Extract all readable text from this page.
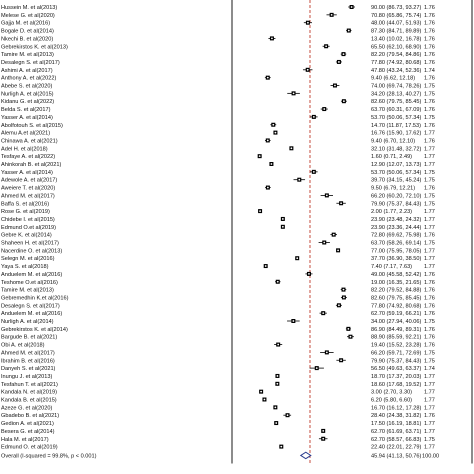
Hussein M. et al(2013)
Melese G. et al(2020)
Gajja M. et al(2016)
Bogale D. et al(2014)
Nkechi B. et al(2020)
Gebrekirstos K. et al(2013)
Tamire M. et al(2013)
Desalegn S. et al(2017)
Ashimi A. et al(2017)
Anthony A. et al(2022)
Abebe S. et al(2020)
Nurligh A. et al(2015)
Kidanu G. et al(2022)
Belda S. et al(2017)
Yasser A. et al(2014)
Abolfotouh S. et al(2015)
Alemu A.et al(2021)
Chinawa A. et al(2021)
Adel H. et al(2018)
Tesfaye A. et al(2022)
Ahinkorah B. et al(2021)
Yasser A. et al(2014)
Adewole A. et al(2017)
Aweiere T. et al(2020)
Ahmed M. et al(2017)
Baffa S. et al(2016)
Rose G. et al(2019)
Chidebe I. et al(2015)
Edmund O.et al(2019)
Gebre K. et al(2014)
Shaheen H. et al(2017)
Nacerdine O. et al(2013)
Selegn M. et al(2016)
Yaya S. et al(2018)
Anduelem M. et al(2016)
Teshome O.et al(2016)
Tamire M. et al(2013)
Gebremedhin K.et al(2016)
Desalegn S. et al(2017)
Anduelem M. et al(2016)
Nurligh A. et al(2014)
Gebrekirstos K. et al(2014)
Bargude B. et al(2021)
Obi A. et al(2018)
Ahmed M. et al(2017)
Ibrahim B. et al(2016)
Danyeh S. et al(2021)
Inungu J. et al(2013)
Tesfahun T. et al(2021)
Kandala N. et al(2019)
Kandala B. et al(2015)
Azeze G. et al(2020)
Gbadebo B. et al(2021)
Gedion A. et al(2021)
Besera G. et al(2014)
Hala M. et al(2017)
Edmund O. et al(2019)
90.00 (86.73, 93.27)
70.80 (65.86, 75.74)
48.00 (44.07, 51.93)
87.30 (84.71, 89.89)
13.40 (10.02, 16.78)
65.50 (62.10, 68.90)
82.20 (79.54, 84.86)
77.80 (74.92, 80.68)
47.80 (43.24, 52.36)
9.40 (6.62, 12.18)
74.00 (69.74, 78.26)
34.20 (28.13, 40.27)
82.60 (79.75, 85.45)
63.70 (60.31, 67.09)
53.70 (50.06, 57.34)
14.70 (11.87, 17.53)
16.76 (15.90, 17.62)
9.40 (6.70, 12.10)
32.10 (31.48, 32.72)
1.60 (0.71, 2.49)
12.90 (12.07, 13.73)
53.70 (50.06, 57.34)
39.70 (34.15, 45.24)
9.50 (6.79, 12.21)
66.20 (60.20, 72.10)
79.90 (75.37, 84.43)
2.00 (1.77, 2.23)
23.90 (23.48, 24.32)
23.90 (23.36, 24.44)
72.80 (69.62, 75.98)
63.70 (58.26, 69.14)
77.00 (75.95, 78.05)
37.70 (36.90, 38.50)
7.40 (7.17, 7.63)
49.00 (45.58, 52.42)
19.00 (16.35, 21.65)
82.20 (79.52, 84.88)
82.60 (79.75, 85.45)
77.80 (74.92, 80.68)
62.70 (59.19, 66.21)
34.00 (27.94, 40.06)
86.90 (84.49, 89.31)
88.90 (85.59, 92.21)
19.40 (15.52, 23.28)
66.20 (59.71, 72.69)
79.90 (75.37, 84.43)
56.50 (49.63, 63.37)
18.70 (17.37, 20.03)
18.60 (17.68, 19.52)
3.00 (2.70, 3.30)
6.20 (5.80, 6.60)
16.70 (16.12, 17.28)
28.40 (24.38, 31.82)
17.50 (16.19, 18.81)
62.70 (61.69, 63.71)
62.70 (58.57, 66.83)
22.40 (22.01, 22.79)
1.76
1.76
1.76
1.76
1.76
1.76
1.76
1.76
1.74
1.76
1.75
1.75
1.76
1.76
1.75
1.76
1.77
1.76
1.77
1.77
1.77
1.75
1.75
1.76
1.75
1.75
1.77
1.77
1.77
1.76
1.75
1.77
1.77
1.77
1.76
1.76
1.76
1.76
1.76
1.76
1.75
1.76
1.76
1.76
1.75
1.75
1.74
1.77
1.77
1.77
1.77
1.77
1.76
1.77
1.77
1.75
1.77
Overall (I-squared = 99.8%, p < 0.001)	45.94 (41.13, 50.76) 100.00
